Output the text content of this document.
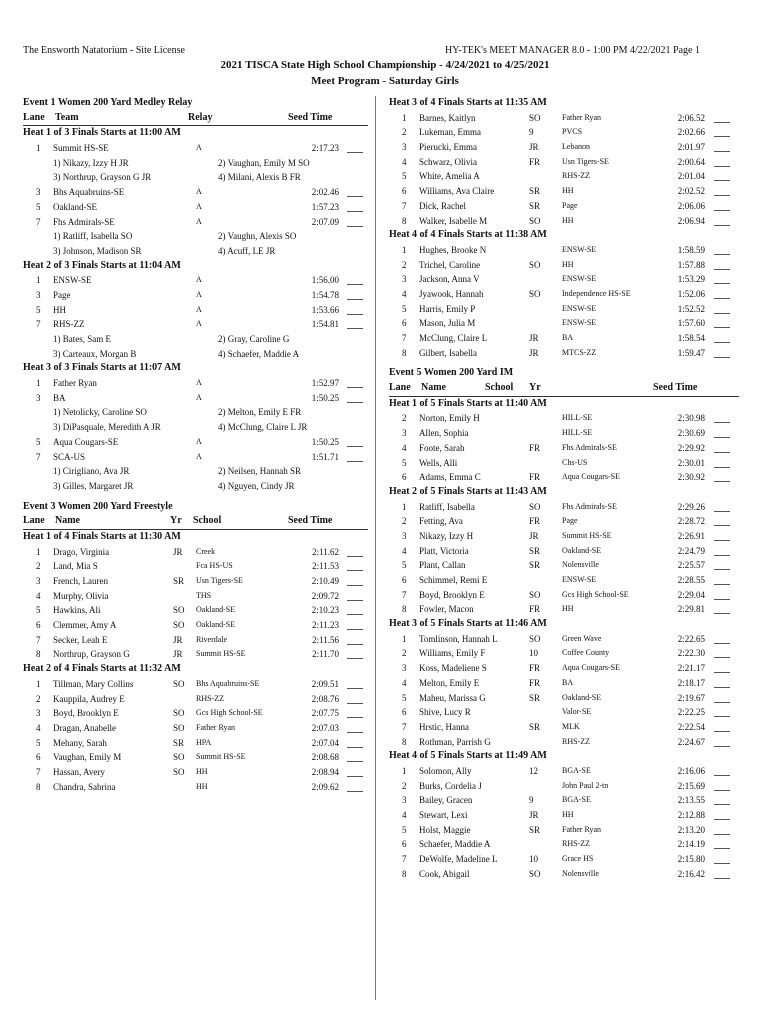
The Ensworth Natatorium - Site License	HY-TEK's MEET MANAGER 8.0 - 1:00 PM 4/22/2021 Page 1
2021 TISCA State High School Championship - 4/24/2021 to 4/25/2021
Meet Program - Saturday Girls
Event 1 Women 200 Yard Medley Relay
Lane Team	Relay	Seed Time
Heat 1 of 3 Finals Starts at 11:00 AM
1 Summit HS-SE	A	2:17.23
1) Nikazy, Izzy H JR	2) Vaughan, Emily M SO
3) Northrup, Grayson G JR	4) Milani, Alexis B FR
3 Bhs Aquabruins-SE	A	2:02.46
5 Oakland-SE	A	1:57.23
7 Fhs Admirals-SE	A	2:07.09
1) Ratliff, Isabella SO	2) Vaughn, Alexis SO
3) Johnson, Madison SR	4) Acuff, LE JR
Heat 2 of 3 Finals Starts at 11:04 AM
1 ENSW-SE	A	1:56.00
3 Page	A	1:54.78
5 HH	A	1:53.66
7 RHS-ZZ	A	1:54.81
1) Bates, Sam E	2) Gray, Caroline G
3) Carteaux, Morgan B	4) Schaefer, Maddie A
Heat 3 of 3 Finals Starts at 11:07 AM
1 Father Ryan	A	1:52.97
3 BA	A	1:50.25
1) Netolicky, Caroline SO	2) Melton, Emily E FR
3) DiPasquale, Meredith A JR	4) McClung, Claire L JR
5 Aqua Cougars-SE	A	1:50.25
7 SCA-US	A	1:51.71
1) Cirigliano, Ava JR	2) Neilsen, Hannah SR
3) Gilles, Margaret JR	4) Nguyen, Cindy JR
Event 3 Women 200 Yard Freestyle
Lane Name	Yr School	Seed Time
Heat 1 of 4 Finals Starts at 11:30 AM
1 Drago, Virginia	JR Creek	2:11.62
2 Land, Mia S	Fca HS-US	2:11.53
3 French, Lauren	SR Usn Tigers-SE	2:10.49
4 Murphy, Olivia	THS	2:09.72
5 Hawkins, Ali	SO Oakland-SE	2:10.23
6 Clemmer, Amy A	SO Oakland-SE	2:11.23
7 Secker, Leah E	JR Riverdale	2:11.56
8 Northrup, Grayson G	JR Summit HS-SE	2:11.70
Heat 2 of 4 Finals Starts at 11:32 AM
1 Tillman, Mary Collins	SO Bhs Aquabruins-SE	2:09.51
2 Kauppila, Audrey E	RHS-ZZ	2:08.76
3 Boyd, Brooklyn E	SO Gcs High School-SE	2:07.75
4 Dragan, Anabelle	SO Father Ryan	2:07.03
5 Mehany, Sarah	SR HPA	2:07.04
6 Vaughan, Emily M	SO Summit HS-SE	2:08.68
7 Hassan, Avery	SO HH	2:08.94
8 Chandra, Sabrina	HH	2:09.62
Heat 3 of 4 Finals Starts at 11:35 AM
1 Barnes, Kaitlyn	SO	Father Ryan	2:06.52
2 Lukeman, Emma	9	PVCS	2:02.66
3 Pierucki, Emma	JR	Lebanon	2:01.97
4 Schwarz, Olivia	FR	Usn Tigers-SE	2:00.64
5 White, Amelia A	RHS-ZZ	2:01.04
6 Williams, Ava Claire	SR	HH	2:02.52
7 Dick, Rachel	SR	Page	2:06.06
8 Walker, Isabelle M	SO	HH	2:06.94
Heat 4 of 4 Finals Starts at 11:38 AM
1 Hughes, Brooke N	ENSW-SE	1:58.59
2 Trichel, Caroline	SO	HH	1:57.88
3 Jackson, Anna V	ENSW-SE	1:53.29
4 Jyawook, Hannah	SO	Independence HS-SE	1:52.06
5 Harris, Emily P	ENSW-SE	1:52.52
6 Mason, Julia M	ENSW-SE	1:57.60
7 McClung, Claire L	JR	BA	1:58.54
8 Gilbert, Isabella	JR	MTCS-ZZ	1:59.47
Event 5 Women 200 Yard IM
Lane Name	Yr
School	Seed Time
Heat 1 of 5 Finals Starts at 11:40 AM
2 Norton, Emily H	HILL-SE	2:30.98
3 Allen, Sophia	HILL-SE	2:30.69
4 Foote, Sarah	FR	Fhs Admirals-SE	2:29.92
5 Wells, Alli	Chs-US	2:30.01
6 Adams, Emma C	FR	Aqua Cougars-SE	2:30.92
Heat 2 of 5 Finals Starts at 11:43 AM
1 Ratliff, Isabella	SO	Fhs Admirals-SE	2:29.26
2 Fetting, Ava	FR	Page	2:28.72
3 Nikazy, Izzy H	JR	Summit HS-SE	2:26.91
4 Platt, Victoria	SR	Oakland-SE	2:24.79
5 Plant, Callan	SR	Nolensville	2:25.57
6 Schimmel, Remi E	ENSW-SE	2:28.55
7 Boyd, Brooklyn E	SO	Gcs High School-SE	2:29.04
8 Fowler, Macon	FR	HH	2:29.81
Heat 3 of 5 Finals Starts at 11:46 AM
1 Tomlinson, Hannah L	SO	Green Wave	2:22.65
2 Williams, Emily F	10	Coffee County	2:22.30
3 Koss, Madeliene S	FR	Aqua Cougars-SE	2:21.17
4 Melton, Emily E	FR	BA	2:18.17
5 Maheu, Marissa G	SR	Oakland-SE	2:19.67
6 Shive, Lucy R	Valor-SE	2:22.25
7 Hrstic, Hanna	SR	MLK	2:22.54
8 Rothman, Parrish G	RHS-ZZ	2:24.67
Heat 4 of 5 Finals Starts at 11:49 AM
1 Solomon, Ally	12	BGA-SE	2:16.06
2 Burks, Cordelia J	John Paul 2-tn	2:15.69
3 Bailey, Gracen	9	BGA-SE	2:13.55
4 Stewart, Lexi	JR	HH	2:12.88
5 Holst, Maggie	SR	Father Ryan	2:13.20
6 Schaefer, Maddie A	RHS-ZZ	2:14.19
7 DeWolfe, Madeline L	10	Grace HS	2:15.80
8 Cook, Abigail	SO	Nolensville	2:16.42
